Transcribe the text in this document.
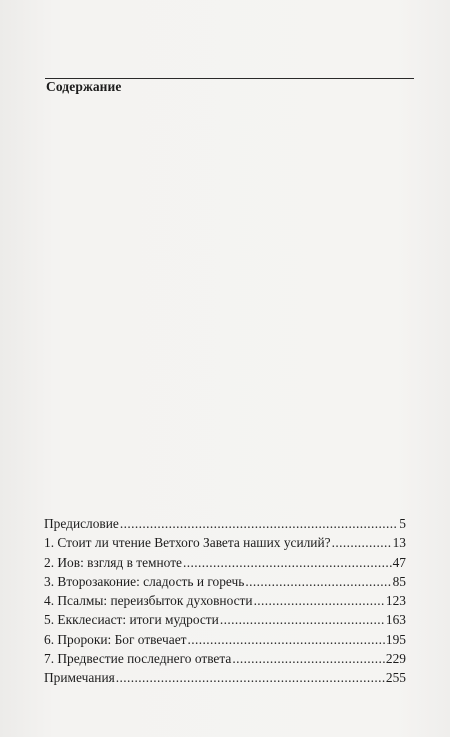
Содержание
Предисловие .....	5
1. Стоит ли чтение Ветхого Завета наших усилий? .....	13
2. Иов: взгляд в темноте .....	47
3. Второзаконие: сладость и горечь .....	85
4. Псалмы: переизбыток духовности .....	123
5. Екклесиаст: итоги мудрости .....	163
6. Пророки: Бог отвечает .....	195
7. Предвестие последнего ответа .....	229
Примечания .....	255
